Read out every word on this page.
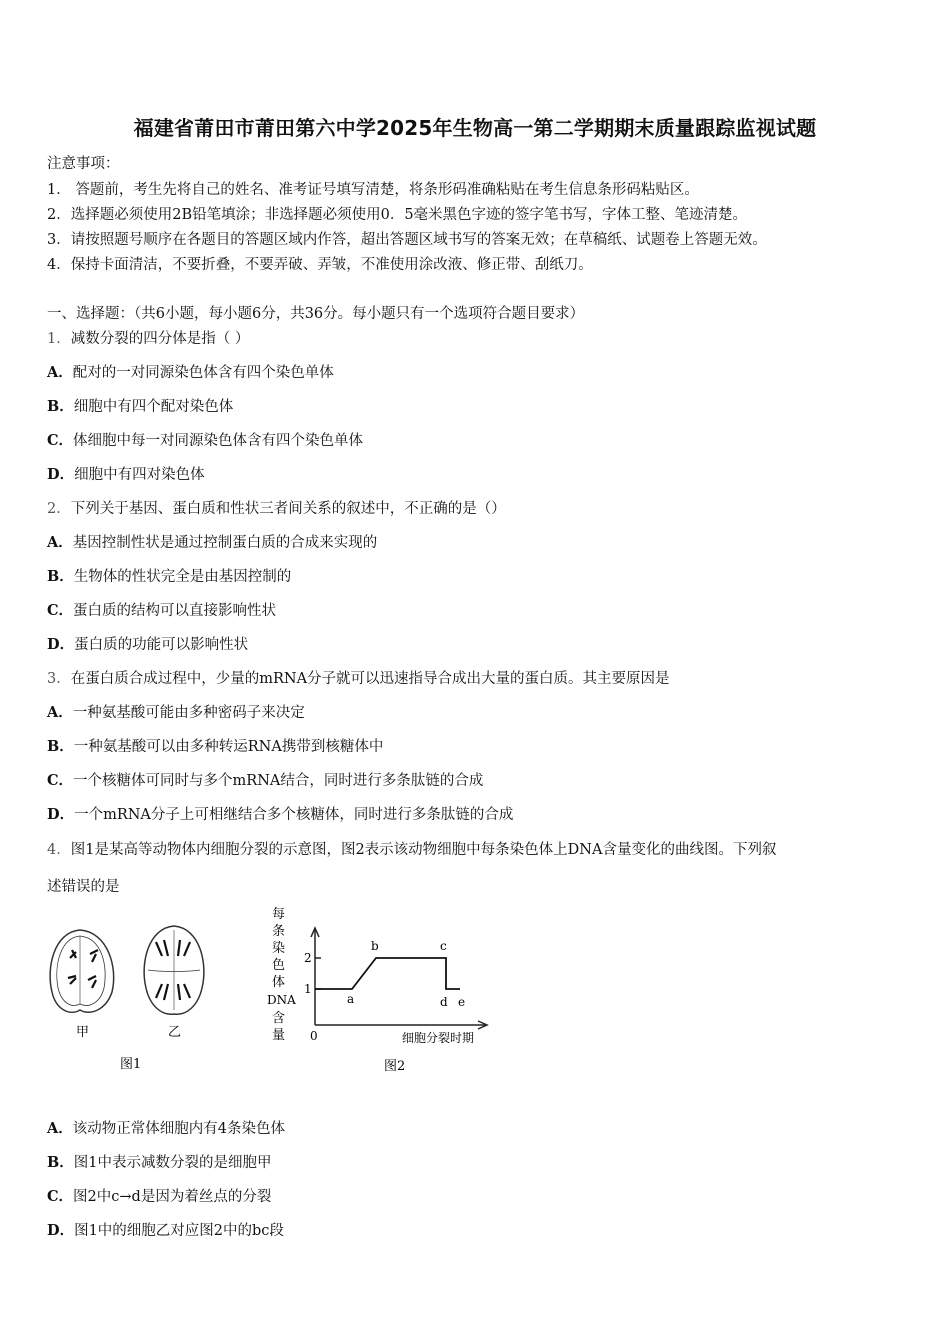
福建省莆田市莆田第六中学2025年生物高一第二学期期末质量跟踪监视试题
注意事项：
1． 答题前，考生先将自己的姓名、准考证号填写清楚，将条形码准确粘贴在考生信息条形码粘贴区。
2．选择题必须使用2B铅笔填涂；非选择题必须使用0．5毫米黑色字迹的签字笔书写，字体工整、笔迹清楚。
3．请按照题号顺序在各题目的答题区域内作答，超出答题区域书写的答案无效；在草稿纸、试题卷上答题无效。
4．保持卡面清洁，不要折叠，不要弄破、弄皱，不准使用涂改液、修正带、刮纸刀。
一、选择题：（共6小题，每小题6分，共36分。每小题只有一个选项符合题目要求）
1．减数分裂的四分体是指（ ）
A．配对的一对同源染色体含有四个染色单体
B．细胞中有四个配对染色体
C．体细胞中每一对同源染色体含有四个染色单体
D．细胞中有四对染色体
2．下列关于基因、蛋白质和性状三者间关系的叙述中，不正确的是（）
A．基因控制性状是通过控制蛋白质的合成来实现的
B．生物体的性状完全是由基因控制的
C．蛋白质的结构可以直接影响性状
D．蛋白质的功能可以影响性状
3．在蛋白质合成过程中，少量的mRNA分子就可以迅速指导合成出大量的蛋白质。其主要原因是
A．一种氨基酸可能由多种密码子来决定
B．一种氨基酸可以由多种转运RNA携带到核糖体中
C．一个核糖体可同时与多个mRNA结合，同时进行多条肽链的合成
D．一个mRNA分子上可相继结合多个核糖体，同时进行多条肽链的合成
4．图1是某高等动物体内细胞分裂的示意图，图2表示该动物细胞中每条染色体上DNA含量变化的曲线图。下列叙
述错误的是
甲	乙
图1
每
条
染
色
体
DNA
含
量
2
1
0
a
b	c
d e
细胞分裂时期
图2
A．该动物正常体细胞内有4条染色体
B．图1中表示减数分裂的是细胞甲
C．图2中c→d是因为着丝点的分裂
D．图1中的细胞乙对应图2中的bc段
